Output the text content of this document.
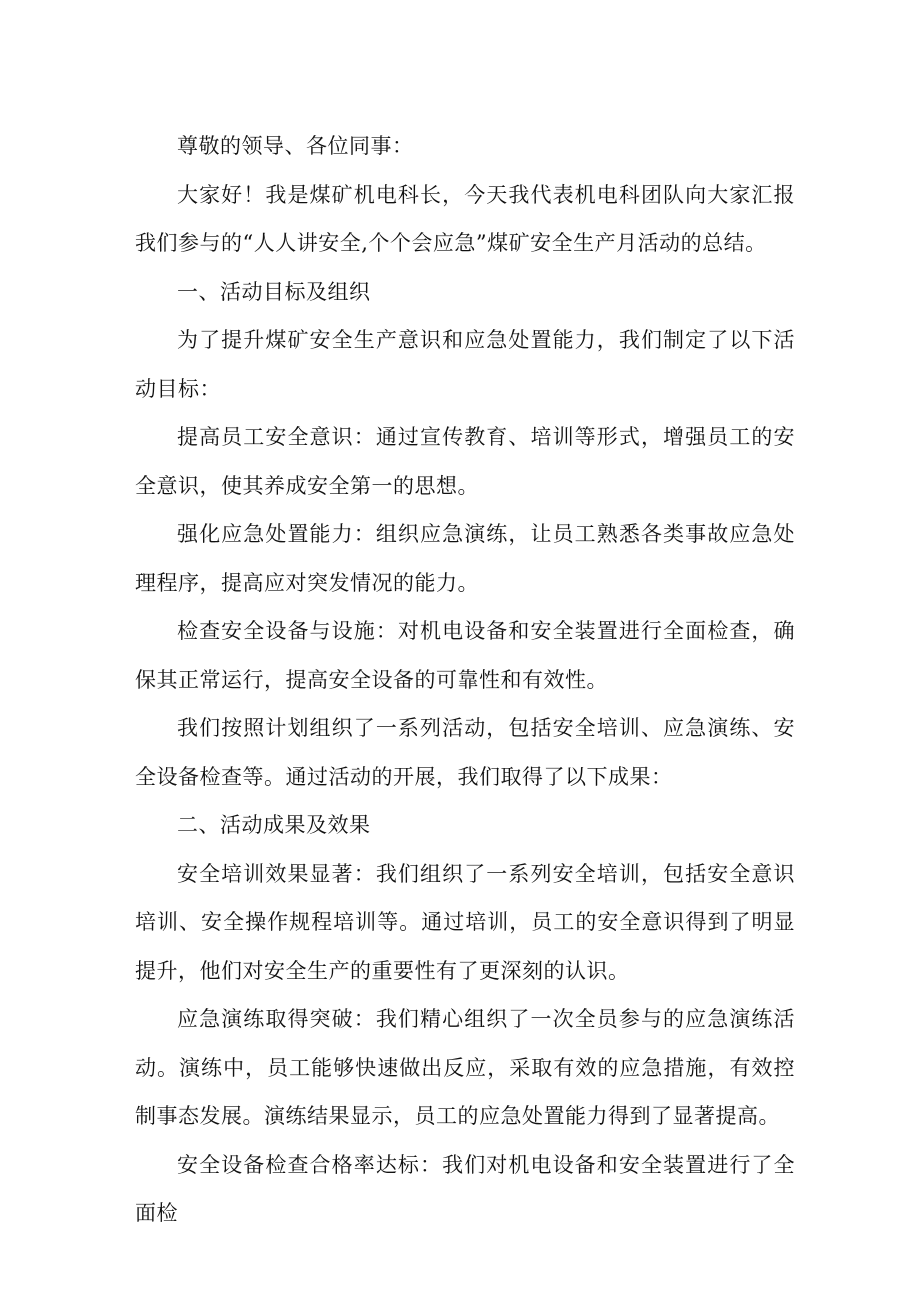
尊敬的领导、各位同事：

大家好！我是煤矿机电科长，今天我代表机电科团队向大家汇报我们参与的“人人讲安全,个个会应急”煤矿安全生产月活动的总结。

一、活动目标及组织

为了提升煤矿安全生产意识和应急处置能力，我们制定了以下活动目标：

提高员工安全意识：通过宣传教育、培训等形式，增强员工的安全意识，使其养成安全第一的思想。

强化应急处置能力：组织应急演练，让员工熟悉各类事故应急处理程序，提高应对突发情况的能力。

检查安全设备与设施：对机电设备和安全装置进行全面检查，确保其正常运行，提高安全设备的可靠性和有效性。

我们按照计划组织了一系列活动，包括安全培训、应急演练、安全设备检查等。通过活动的开展，我们取得了以下成果：

二、活动成果及效果

安全培训效果显著：我们组织了一系列安全培训，包括安全意识培训、安全操作规程培训等。通过培训，员工的安全意识得到了明显提升，他们对安全生产的重要性有了更深刻的认识。

应急演练取得突破：我们精心组织了一次全员参与的应急演练活动。演练中，员工能够快速做出反应，采取有效的应急措施，有效控制事态发展。演练结果显示，员工的应急处置能力得到了显著提高。

安全设备检查合格率达标：我们对机电设备和安全装置进行了全面检
